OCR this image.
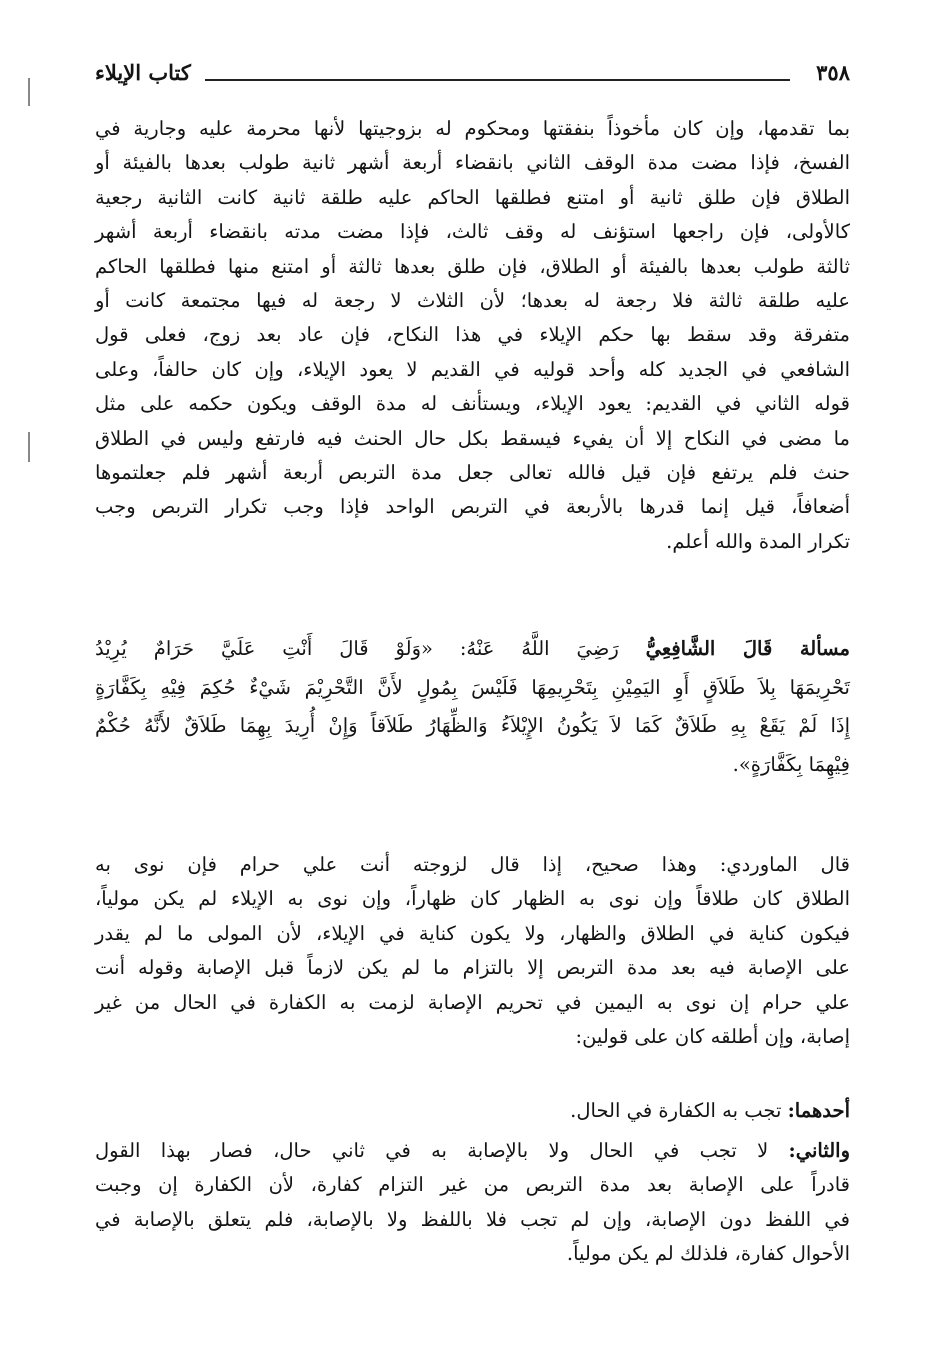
٣٥٨
كتاب الإيلاء
بما تقدمها، وإن كان مأخوذاً بنفقتها ومحكوم له بزوجيتها لأنها محرمة عليه وجارية في
الفسخ، فإذا مضت مدة الوقف الثاني بانقضاء أربعة أشهر ثانية طولب بعدها بالفيئة أو
الطلاق فإن طلق ثانية أو امتنع فطلقها الحاكم عليه طلقة ثانية كانت الثانية رجعية
كالأولى، فإن راجعها استؤنف له وقف ثالث، فإذا مضت مدته بانقضاء أربعة أشهر
ثالثة طولب بعدها بالفيئة أو الطلاق، فإن طلق بعدها ثالثة أو امتنع منها فطلقها الحاكم
عليه طلقة ثالثة فلا رجعة له بعدها؛ لأن الثلاث لا رجعة له فيها مجتمعة كانت أو
متفرقة وقد سقط بها حكم الإيلاء في هذا النكاح، فإن عاد بعد زوج، فعلى قول
الشافعي في الجديد كله وأحد قوليه في القديم لا يعود الإيلاء، وإن كان حالفاً، وعلى
قوله الثاني في القديم: يعود الإيلاء، ويستأنف له مدة الوقف ويكون حكمه على مثل
ما مضى في النكاح إلا أن يفيء فيسقط بكل حال الحنث فيه فارتفع وليس في الطلاق
حنث فلم يرتفع فإن قيل فالله تعالى جعل مدة التربص أربعة أشهر فلم جعلتموها
أضعافاً، قيل إنما قدرها بالأربعة في التربص الواحد فإذا وجب تكرار التربص وجب
تكرار المدة والله أعلم.
مسألة قَالَ الشَّافِعِيُّ رَضِيَ اللَّهُ عَنْهُ: «وَلَوْ قَالَ أَنْتِ عَلَيَّ حَرَامٌ يُرِيْدُ
تَحْرِيمَهَا بِلاَ طَلاَقٍ أَوِ اليَمِيْنِ بِتَحْرِيمِهَا فَلَيْسَ بِمُولٍ لأَنَّ التَّحْرِيْمَ شَيْءٌ حُكِمَ فِيْهِ بِكَفَّارَةٍ
إِذَا لَمْ يَقَعْ بِهِ طَلاَقٌ كَمَا لاَ يَكُونُ الإِيْلاَءُ وَالظِّهَارُ طَلاَقاً وَإِنْ أُرِيدَ بِهِمَا طَلاَقٌ لأَنَّهُ حُكْمٌ
فِيْهِمَا بِكَفَّارَةٍ».
قال الماوردي: وهذا صحيح، إذا قال لزوجته أنت علي حرام فإن نوى به
الطلاق كان طلاقاً وإن نوى به الظهار كان ظهاراً، وإن نوى به الإيلاء لم يكن مولياً،
فيكون كناية في الطلاق والظهار، ولا يكون كناية في الإيلاء، لأن المولى ما لم يقدر
على الإصابة فيه بعد مدة التربص إلا بالتزام ما لم يكن لازماً قبل الإصابة وقوله أنت
علي حرام إن نوى به اليمين في تحريم الإصابة لزمت به الكفارة في الحال من غير
إصابة، وإن أطلقه كان على قولين:
أحدهما: تجب به الكفارة في الحال.
والثاني: لا تجب في الحال ولا بالإصابة به في ثاني حال، فصار بهذا القول
قادراً على الإصابة بعد مدة التربص من غير التزام كفارة، لأن الكفارة إن وجبت
في اللفظ دون الإصابة، وإن لم تجب فلا باللفظ ولا بالإصابة، فلم يتعلق بالإصابة في
الأحوال كفارة، فلذلك لم يكن مولياً.
